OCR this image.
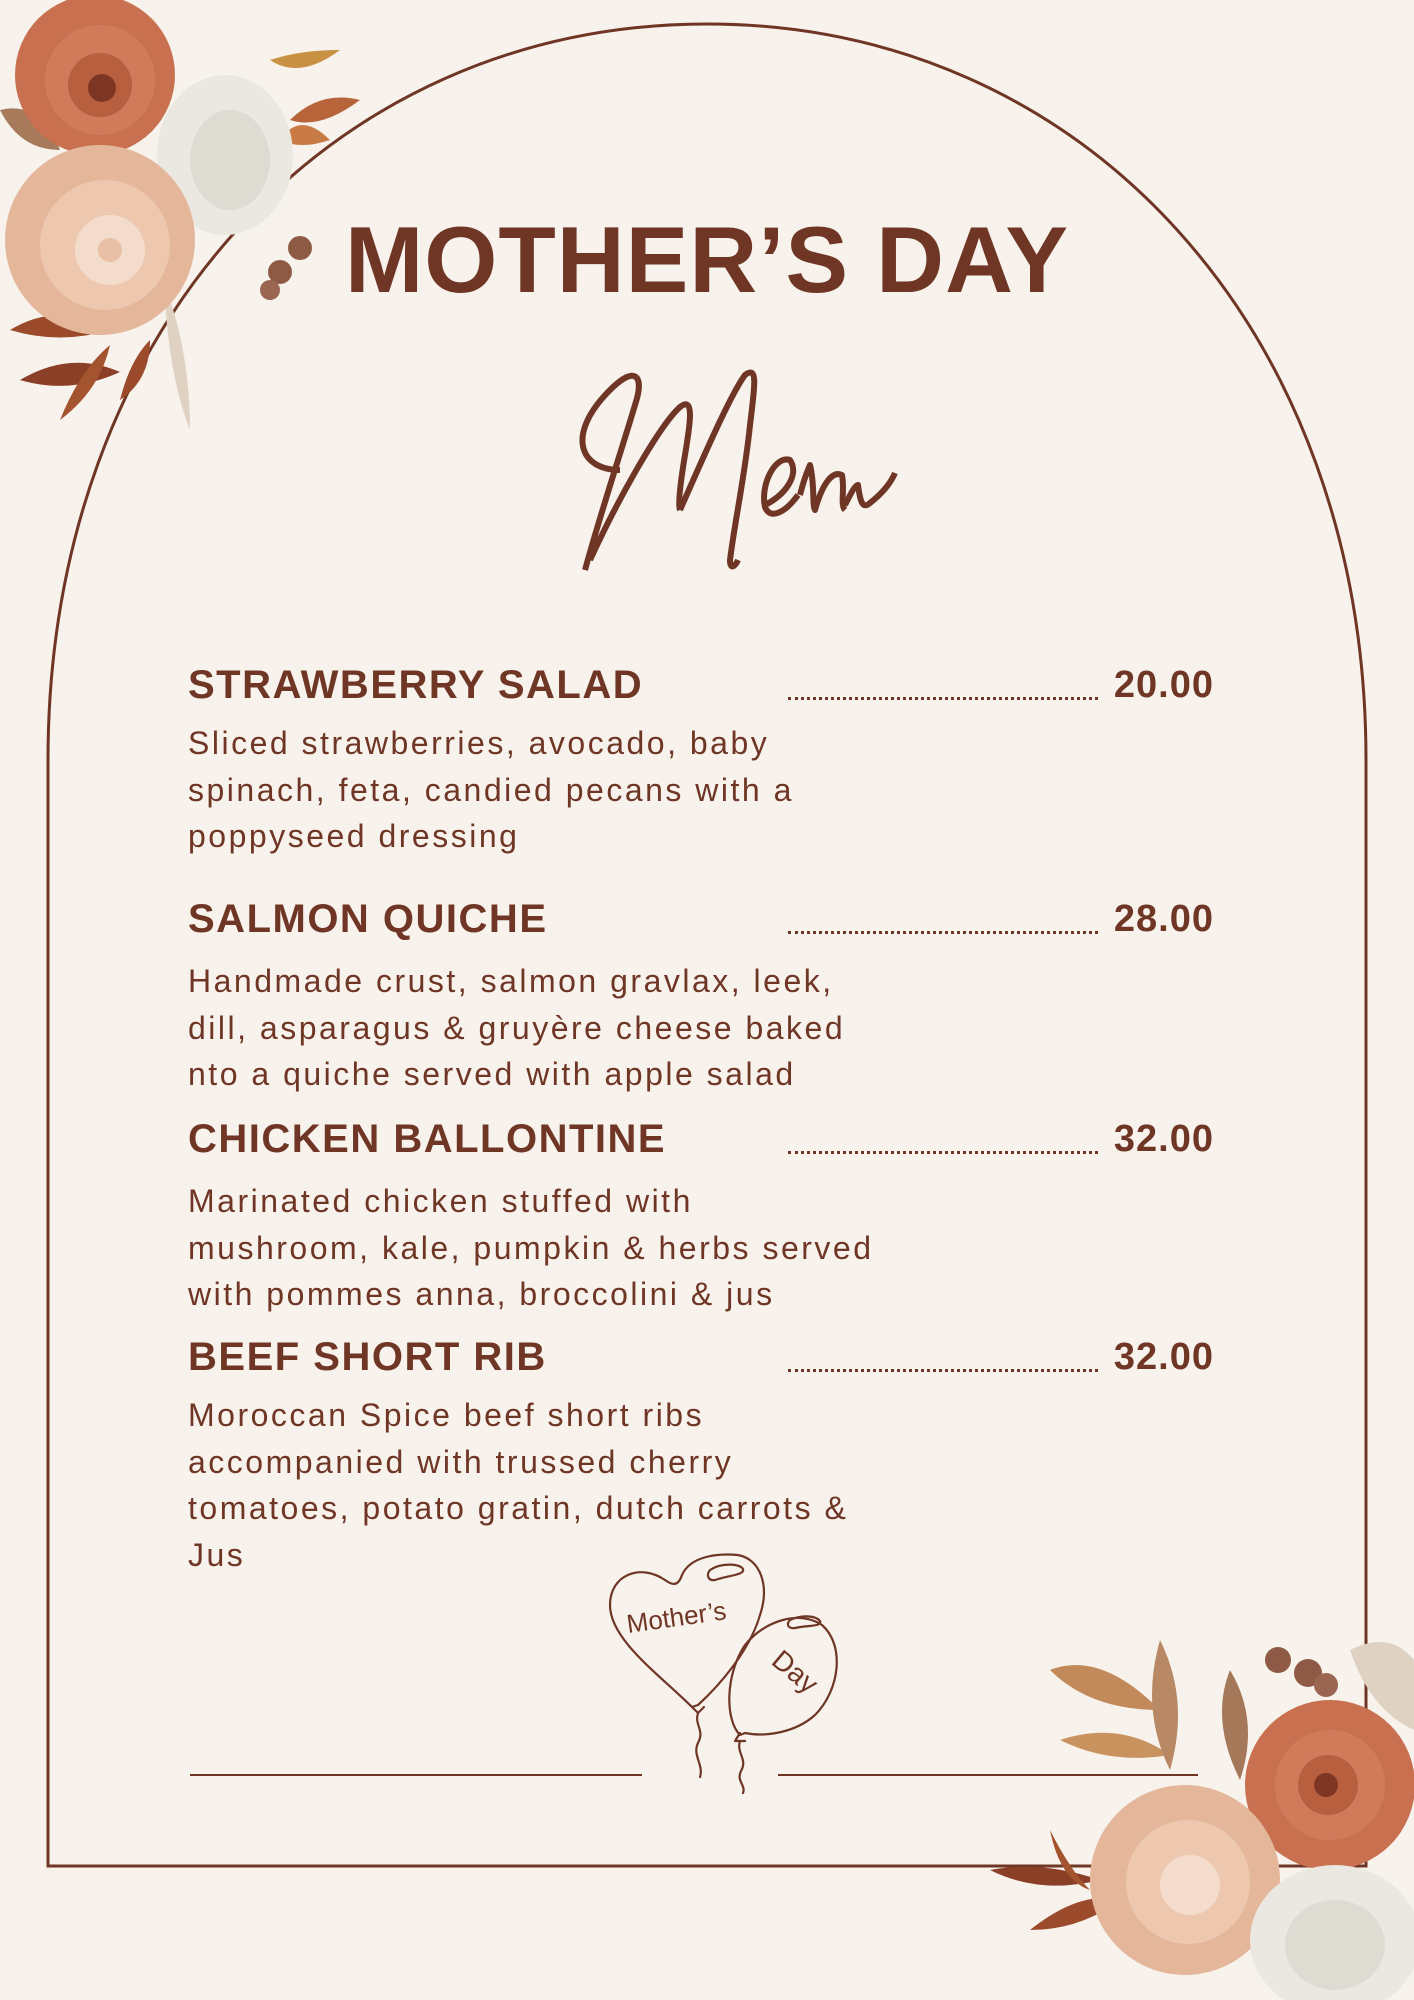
MOTHER’S DAY
STRAWBERRY SALAD	20.00
Sliced strawberries, avocado, baby
spinach, feta, candied pecans with a
poppyseed dressing
SALMON QUICHE	28.00
Handmade crust, salmon gravlax, leek,
dill, asparagus & gruyère cheese baked
nto a quiche served with apple salad
CHICKEN BALLONTINE	32.00
Marinated chicken stuffed with
mushroom, kale, pumpkin & herbs served
with pommes anna, broccolini & jus
BEEF SHORT RIB	32.00
Moroccan Spice beef short ribs
accompanied with trussed cherry
tomatoes, potato gratin, dutch carrots &
Jus
Mother’s
Day
